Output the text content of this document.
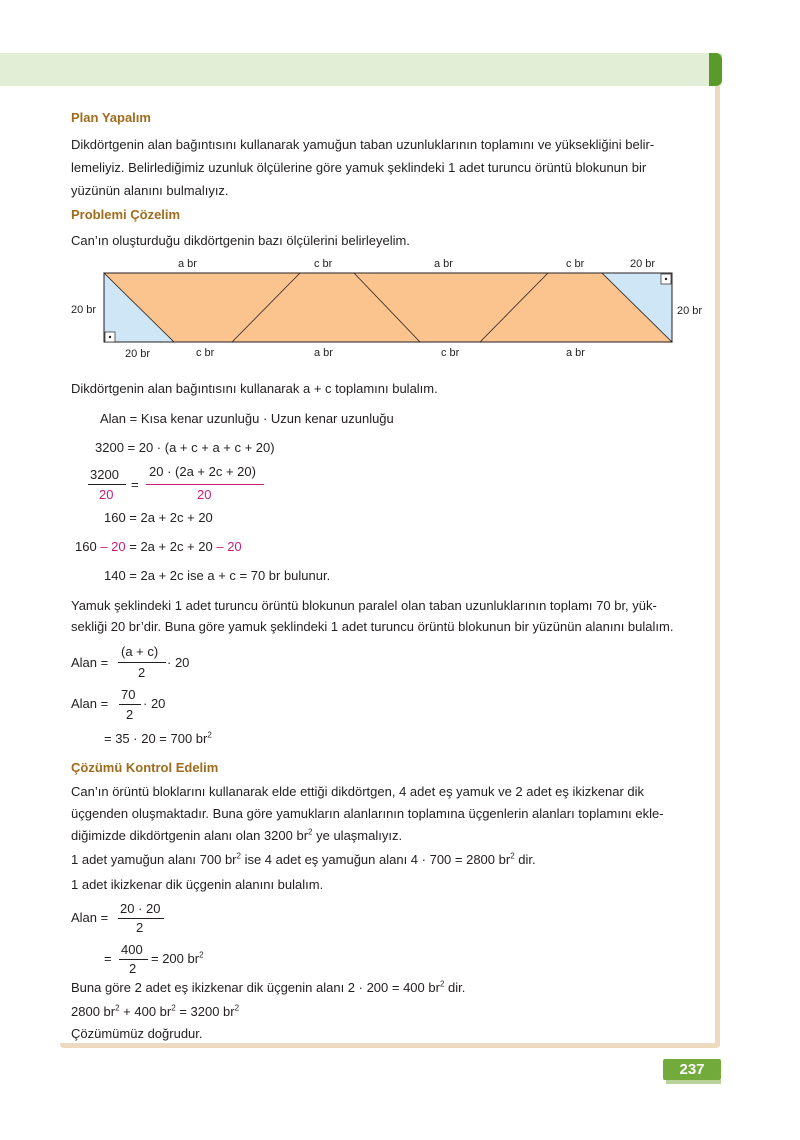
237
Plan Yapalım
Dikdörtgenin alan bağıntısını kullanarak yamuğun taban uzunluklarının toplamını ve yüksekliğini belir-
lemeliyiz. Belirlediğimiz uzunluk ölçülerine göre yamuk şeklindeki 1 adet turuncu örüntü blokunun bir
yüzünün alanını bulmalıyız.
Problemi Çözelim
Can’ın oluşturduğu dikdörtgenin bazı ölçülerini belirleyelim.
a br	c br	a br	c br	20 br
20 br	20 br
20 br	c br	a br	c br	a br
Dikdörtgenin alan bağıntısını kullanarak a + c toplamını bulalım.
Alan = Kısa kenar uzunluğu · Uzun kenar uzunluğu
3200 = 20 · (a + c + a + c + 20)
3200
20
=
20 · (2a + 2c + 20)
20
160 = 2a + 2c + 20
160 – 20 = 2a + 2c + 20 – 20
140 = 2a + 2c ise a + c = 70 br bulunur.
Yamuk şeklindeki 1 adet turuncu örüntü blokunun paralel olan taban uzunluklarının toplamı 70 br, yük-
sekliği 20 br’dir. Buna göre yamuk şeklindeki 1 adet turuncu örüntü blokunun bir yüzünün alanını bulalım.
Alan =
(a + c)
2
· 20
Alan =
70
2
· 20
= 35 · 20 = 700 $br^2$
Çözümü Kontrol Edelim
Can’ın örüntü bloklarını kullanarak elde ettiği dikdörtgen, 4 adet eş yamuk ve 2 adet eş ikizkenar dik
üçgenden oluşmaktadır. Buna göre yamukların alanlarının toplamına üçgenlerin alanları toplamını ekle-
diğimizde dikdörtgenin alanı olan 3200 $br^2$ ye ulaşmalıyız.
1 adet yamuğun alanı 700 $br^2$ ise 4 adet eş yamuğun alanı 4 · 700 = 2800 $br^2$ dir.
1 adet ikizkenar dik üçgenin alanını bulalım.
Alan =
20 · 20
2
=
400
2
= 200 $br^2$
Buna göre 2 adet eş ikizkenar dik üçgenin alanı 2 · 200 = 400 $br^2$ dir.
2800 $br^2 + 400$ $br^2 = 3200$ $br^2$
Çözümümüz doğrudur.
